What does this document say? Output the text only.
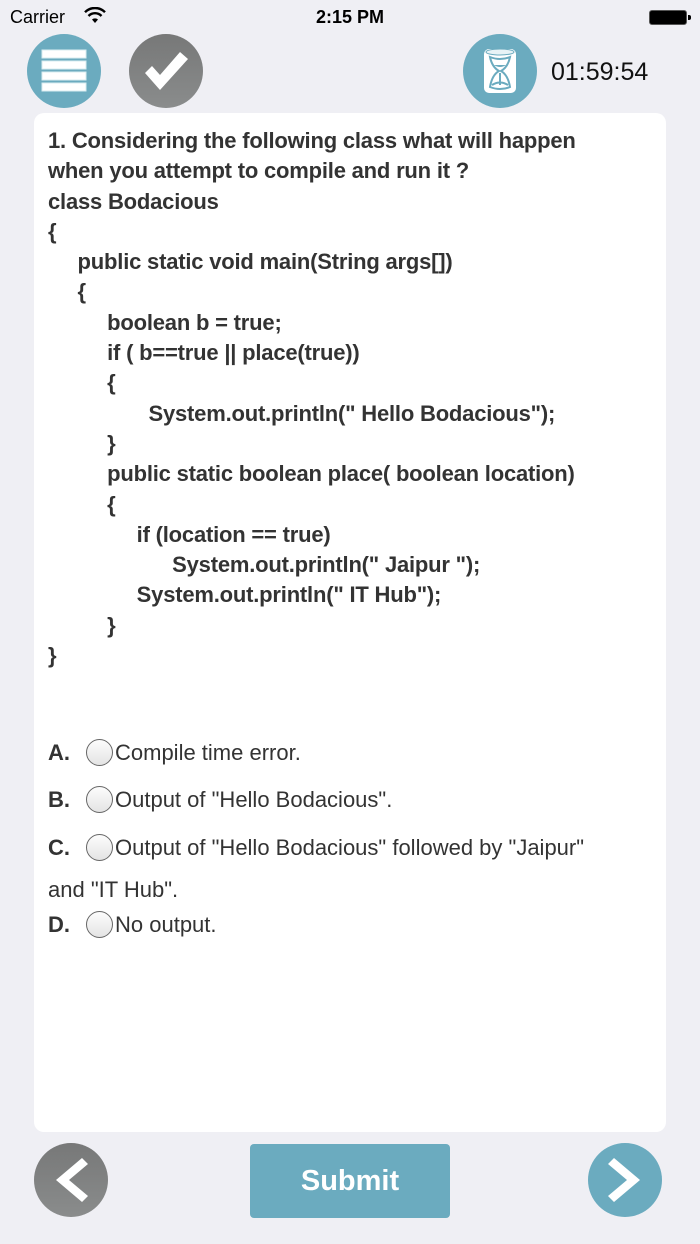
Carrier	2:15 PM
01:59:54
1. Considering the following class what will happen
when you attempt to compile and run it ?
class Bodacious
{
public static void main(String args[])
{
boolean b = true;
if ( b==true || place(true))
{
System.out.println(" Hello Bodacious");
}
public static boolean place( boolean location)
{
if (location == true)
System.out.println(" Jaipur ");
System.out.println(" IT Hub");
}
}
A.	Compile time error.
B.	Output of "Hello Bodacious".
C.	Output of "Hello Bodacious" followed by "Jaipur"
and "IT Hub".
D.	No output.
Submit
